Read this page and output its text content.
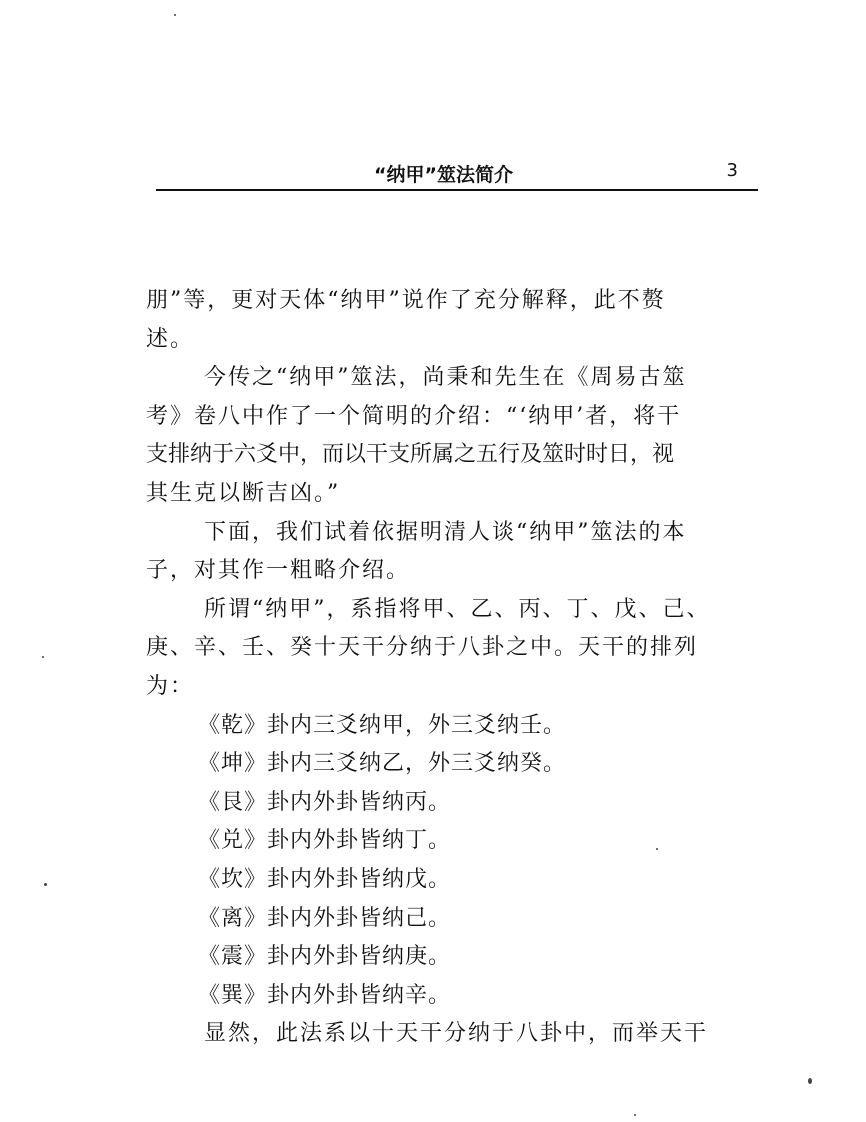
“纳甲”筮法简介	3
朋”等，更对天体“纳甲”说作了充分解释，此不赘
述。
今传之“纳甲”筮法，尚秉和先生在《周易古筮
考》卷八中作了一个简明的介绍：“‘纳甲’者，将干
支排纳于六爻中，而以干支所属之五行及筮时时日，视
其生克以断吉凶。”
下面，我们试着依据明清人谈“纳甲”筮法的本
子，对其作一粗略介绍。
所谓“纳甲”，系指将甲、乙、丙、丁、戊、己、
庚、辛、壬、癸十天干分纳于八卦之中。天干的排列
为：
《乾》卦内三爻纳甲，外三爻纳壬。
《坤》卦内三爻纳乙，外三爻纳癸。
《艮》卦内外卦皆纳丙。
《兑》卦内外卦皆纳丁。
《坎》卦内外卦皆纳戊。
《离》卦内外卦皆纳己。
《震》卦内外卦皆纳庚。
《巽》卦内外卦皆纳辛。
显然，此法系以十天干分纳于八卦中，而举天干
